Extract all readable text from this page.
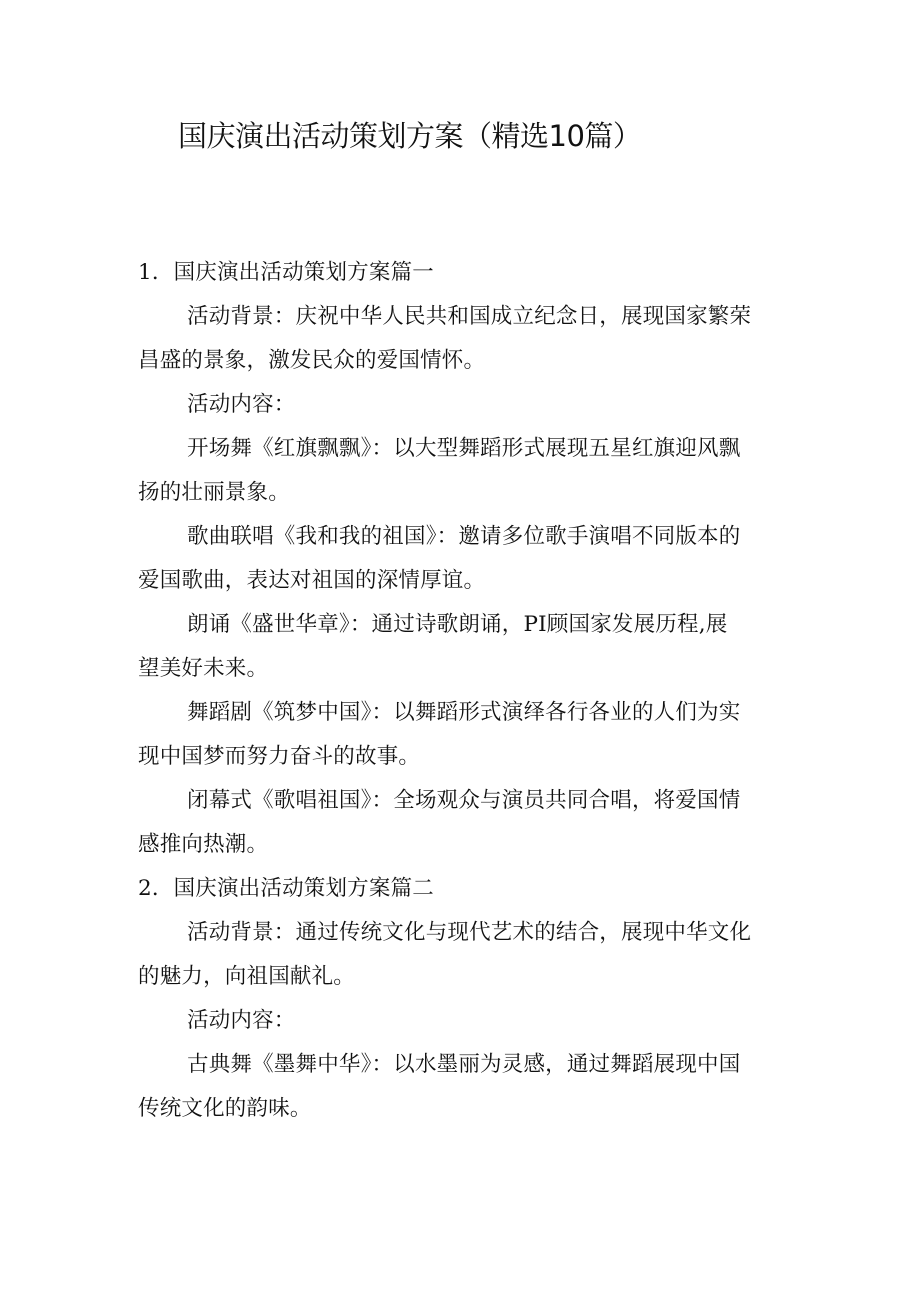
国庆演出活动策划方案（精选10篇）

1．国庆演出活动策划方案篇一

活动背景：庆祝中华人民共和国成立纪念日，展现国家繁荣

昌盛的景象，激发民众的爱国情怀。

活动内容：

开场舞《红旗飘飘》：以大型舞蹈形式展现五星红旗迎风飘

扬的壮丽景象。

歌曲联唱《我和我的祖国》：邀请多位歌手演唱不同版本的

爱国歌曲，表达对祖国的深情厚谊。

朗诵《盛世华章》：通过诗歌朗诵，PI顾国家发展历程,展

望美好未来。

舞蹈剧《筑梦中国》：以舞蹈形式演绎各行各业的人们为实

现中国梦而努力奋斗的故事。

闭幕式《歌唱祖国》：全场观众与演员共同合唱，将爱国情

感推向热潮。

2．国庆演出活动策划方案篇二

活动背景：通过传统文化与现代艺术的结合，展现中华文化

的魅力，向祖国献礼。

活动内容：

古典舞《墨舞中华》：以水墨丽为灵感，通过舞蹈展现中国

传统文化的韵味。
